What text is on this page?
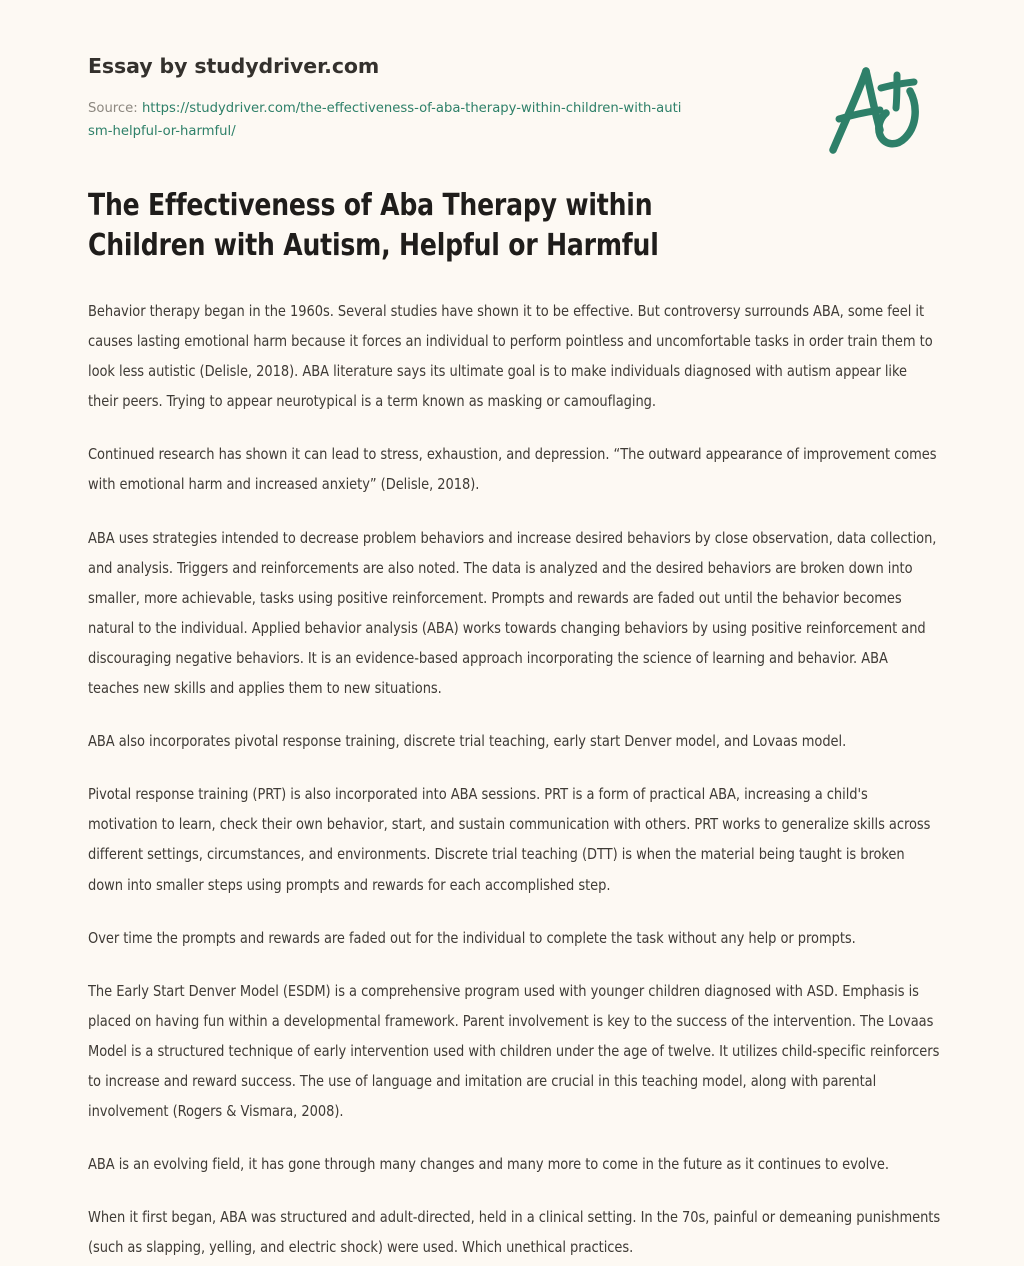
Essay by studydriver.com
Source: https://studydriver.com/the-effectiveness-of-aba-therapy-within-children-with-autism-helpful-or-harmful/
The Effectiveness of Aba Therapy within Children with Autism, Helpful or Harmful

Behavior therapy began in the 1960s. Several studies have shown it to be effective. But controversy surrounds ABA, some feel it causes lasting emotional harm because it forces an individual to perform pointless and uncomfortable tasks in order train them to look less autistic (Delisle, 2018). ABA literature says its ultimate goal is to make individuals diagnosed with autism appear like their peers. Trying to appear neurotypical is a term known as masking or camouflaging.

Continued research has shown it can lead to stress, exhaustion, and depression. “The outward appearance of improvement comes with emotional harm and increased anxiety” (Delisle, 2018).

ABA uses strategies intended to decrease problem behaviors and increase desired behaviors by close observation, data collection, and analysis. Triggers and reinforcements are also noted. The data is analyzed and the desired behaviors are broken down into smaller, more achievable, tasks using positive reinforcement. Prompts and rewards are faded out until the behavior becomes natural to the individual. Applied behavior analysis (ABA) works towards changing behaviors by using positive reinforcement and discouraging negative behaviors. It is an evidence-based approach incorporating the science of learning and behavior. ABA teaches new skills and applies them to new situations.

ABA also incorporates pivotal response training, discrete trial teaching, early start Denver model, and Lovaas model.

Pivotal response training (PRT) is also incorporated into ABA sessions. PRT is a form of practical ABA, increasing a child's motivation to learn, check their own behavior, start, and sustain communication with others. PRT works to generalize skills across different settings, circumstances, and environments. Discrete trial teaching (DTT) is when the material being taught is broken down into smaller steps using prompts and rewards for each accomplished step.

Over time the prompts and rewards are faded out for the individual to complete the task without any help or prompts.

The Early Start Denver Model (ESDM) is a comprehensive program used with younger children diagnosed with ASD. Emphasis is placed on having fun within a developmental framework. Parent involvement is key to the success of the intervention. The Lovaas Model is a structured technique of early intervention used with children under the age of twelve. It utilizes child-specific reinforcers to increase and reward success. The use of language and imitation are crucial in this teaching model, along with parental involvement (Rogers & Vismara, 2008).

ABA is an evolving field, it has gone through many changes and many more to come in the future as it continues to evolve.

When it first began, ABA was structured and adult-directed, held in a clinical setting. In the 70s, painful or demeaning punishments (such as slapping, yelling, and electric shock) were used. Which unethical practices.
